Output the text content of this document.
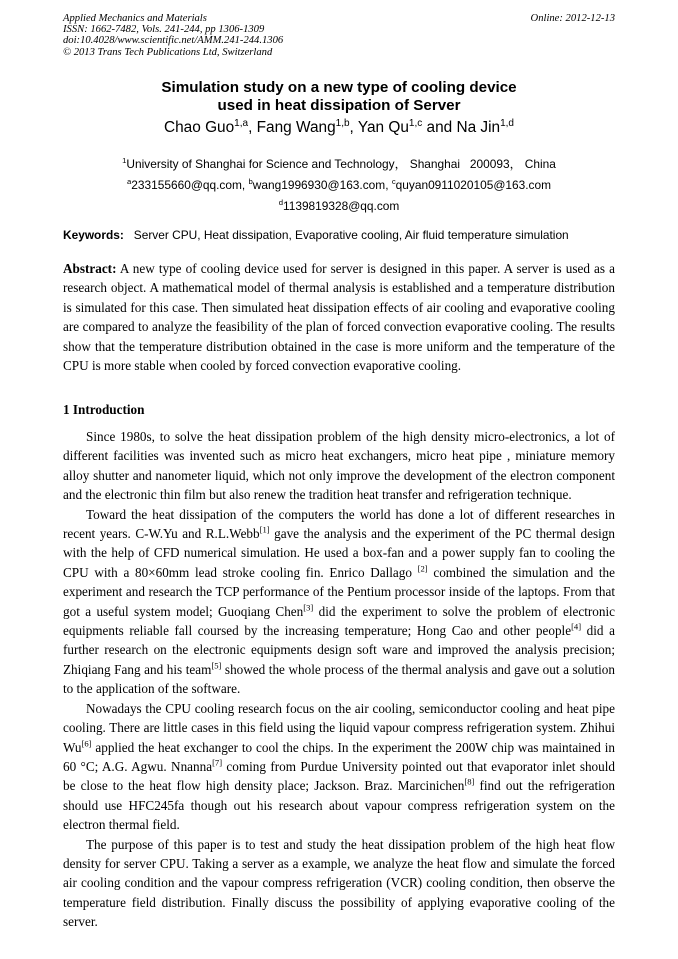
Applied Mechanics and Materials
ISSN: 1662-7482, Vols. 241-244, pp 1306-1309
doi:10.4028/www.scientific.net/AMM.241-244.1306
© 2013 Trans Tech Publications Ltd, Switzerland
Online: 2012-12-13
Simulation study on a new type of cooling device
used in heat dissipation of Server
Chao Guo$^{1,a}$, Fang Wang$^{1,b}$, Yan Qu$^{1,c}$ and Na Jin$^{1,d}$
$^1$University of Shanghai for Science and Technology， Shanghai   200093， China
$^a$233155660@qq.com, $^b$wang1996930@163.com, $^c$quyan0911020105@163.com
$^d$1139819328@qq.com
Keywords: Server CPU, Heat dissipation, Evaporative cooling, Air fluid temperature simulation
Abstract: A new type of cooling device used for server is designed in this paper. A server is used as a research object. A mathematical model of thermal analysis is established and a temperature distribution is simulated for this case. Then simulated heat dissipation effects of air cooling and evaporative cooling are compared to analyze the feasibility of the plan of forced convection evaporative cooling. The results show that the temperature distribution obtained in the case is more uniform and the temperature of the CPU is more stable when cooled by forced convection evaporative cooling.
1 Introduction

Since 1980s, to solve the heat dissipation problem of the high density micro-electronics, a lot of different facilities was invented such as micro heat exchangers, micro heat pipe , miniature memory alloy shutter and nanometer liquid, which not only improve the development of the electron component and the electronic thin film but also renew the tradition heat transfer and refrigeration technique.

Toward the heat dissipation of the computers the world has done a lot of different researches in recent years. C-W.Yu and R.L.Webb[1] gave the analysis and the experiment of the PC thermal design with the help of CFD numerical simulation. He used a box-fan and a power supply fan to cooling the CPU with a 80×60mm lead stroke cooling fin. Enrico Dallago [2] combined the simulation and the experiment and research the TCP performance of the Pentium processor inside of the laptops. From that got a useful system model; Guoqiang Chen[3] did the experiment to solve the problem of electronic equipments reliable fall coursed by the increasing temperature; Hong Cao and other people[4] did a further research on the electronic equipments design soft ware and improved the analysis precision; Zhiqiang Fang and his team[5] showed the whole process of the thermal analysis and gave out a solution to the application of the software.

Nowadays the CPU cooling research focus on the air cooling, semiconductor cooling and heat pipe cooling. There are little cases in this field using the liquid vapour compress refrigeration system. Zhihui Wu[6] applied the heat exchanger to cool the chips. In the experiment the 200W chip was maintained in 60 °C; A.G. Agwu. Nnanna[7] coming from Purdue University pointed out that evaporator inlet should be close to the heat flow high density place; Jackson. Braz. Marcinichen[8] find out the refrigeration should use HFC245fa though out his research about vapour compress refrigeration system on the electron thermal field.

The purpose of this paper is to test and study the heat dissipation problem of the high heat flow density for server CPU. Taking a server as a example, we analyze the heat flow and simulate the forced air cooling condition and the vapour compress refrigeration (VCR) cooling condition, then observe the temperature field distribution. Finally discuss the possibility of applying evaporative cooling of the server.
